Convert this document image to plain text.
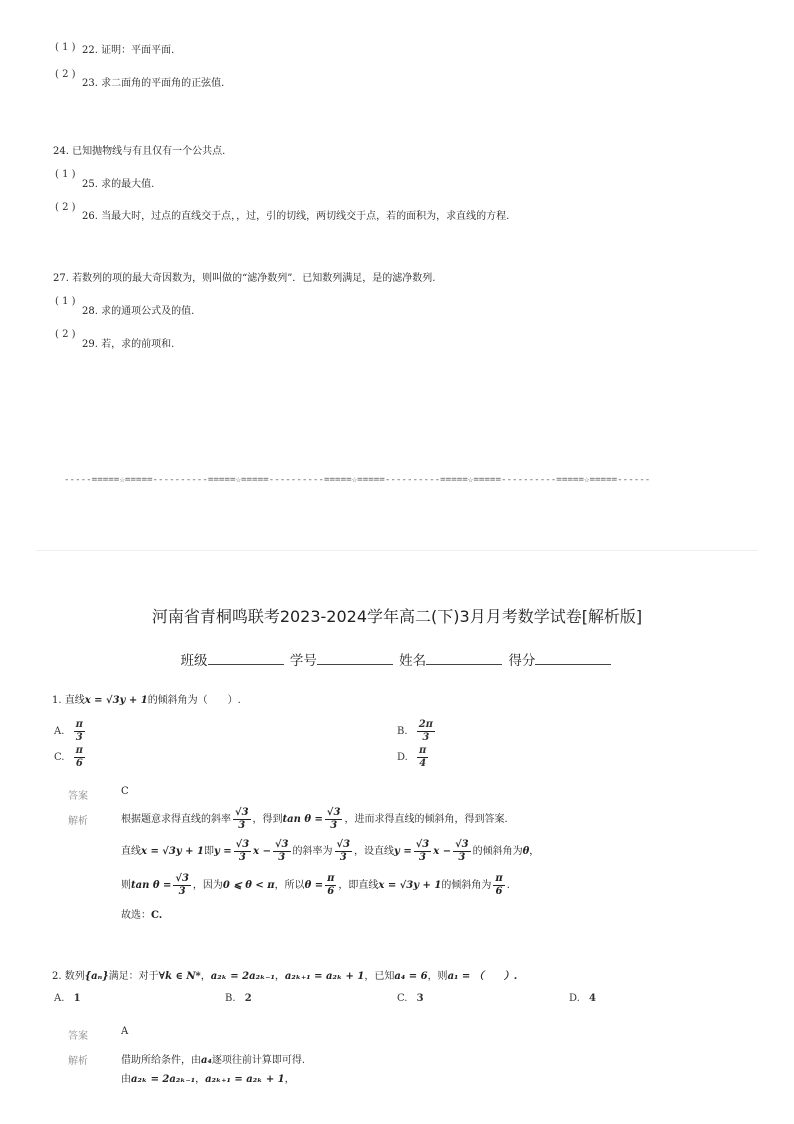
( 1 ) 22. 证明：平面平面.
( 2 )
23. 求二面角的平面角的正弦值.
24. 已知抛物线与有且仅有一个公共点.
( 1 )
25. 求的最大值.
( 2 )
26. 当最大时，过点的直线交于点，，过，引的切线，两切线交于点，若的面积为，求直线的方程.
27. 若数列的项的最大奇因数为，则叫做的“滤净数列”．已知数列满足，是的滤净数列.
( 1 )
28. 求的通项公式及的值.
( 2 )
29. 若，求的前项和.
-----=====☆=====----------=====☆=====----------=====☆=====----------=====☆=====----------=====☆=====------
河南省青桐鸣联考2023-2024学年高二(下)3月月考数学试卷[解析版]
班级	学号	姓名	得分
1. 直线x = √3y + 1的倾斜角为（　　）.
A. $\frac{\pi}{3}$	B. $\frac{2\pi}{3}$
C. $\frac{\pi}{6}$	D. $\frac{\pi}{4}$
答案	C
解析	根据题意求得直线的斜率 $\frac{√3}{3}$ ，得到$\tan \theta = \frac{√3}{3}$ ，进而求得直线的倾斜角，得到答案.
直线x = √3y + 1即$y = \frac{√3}{3}$ $x - \frac{√3}{3}$ 的斜率为 $\frac{√3}{3}$ ，设直线$y = \frac{√3}{3}$ $x - \frac{√3}{3}$ 的倾斜角为θ，
则$\tan \theta = \frac{√3}{3}$ ，因为0 ⩽ θ < π，所以$\theta = \frac{\pi}{6}$ ，即直线x = √3y + 1的倾斜角为 $\frac{\pi}{6}$ .
故选：C.
2. 数列{aₙ}满足：对于∀k ∈ N*，a₂ₖ = 2a₂ₖ₋₁，a₂ₖ₊₁ = a₂ₖ + 1，已知a₄ = 6，则a₁ = （　　）.
A. 1	B. 2	C. 3	D. 4
答案	A
解析	借助所给条件，由a₄逐项往前计算即可得.
由a₂ₖ = 2a₂ₖ₋₁，a₂ₖ₊₁ = a₂ₖ + 1，
